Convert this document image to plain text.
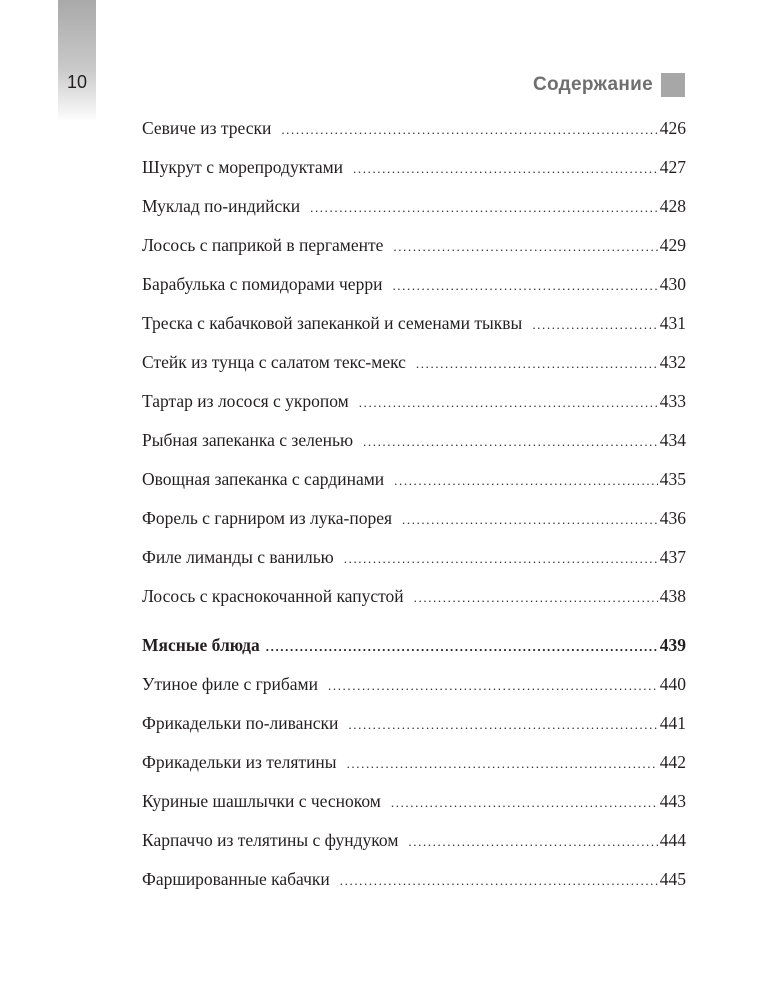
10	Содержание
Севиче из трески .....	426
Шукрут с морепродуктами .....	427
Муклад по-индийски .....	428
Лосось с паприкой в пергаменте .....	429
Барабулька с помидорами черри .....	430
Треска с кабачковой запеканкой и семенами тыквы .....	431
Стейк из тунца с салатом текс-мекс .....	432
Тартар из лосося с укропом .....	433
Рыбная запеканка с зеленью .....	434
Овощная запеканка с сардинами .....	435
Форель с гарниром из лука-порея .....	436
Филе лиманды с ванилью .....	437
Лосось с краснокочанной капустой .....	438
Мясные блюда .....	439
Утиное филе с грибами .....	440
Фрикадельки по-ливански .....	441
Фрикадельки из телятины .....	442
Куриные шашлычки с чесноком .....	443
Карпаччо из телятины с фундуком .....	444
Фаршированные кабачки .....	445
